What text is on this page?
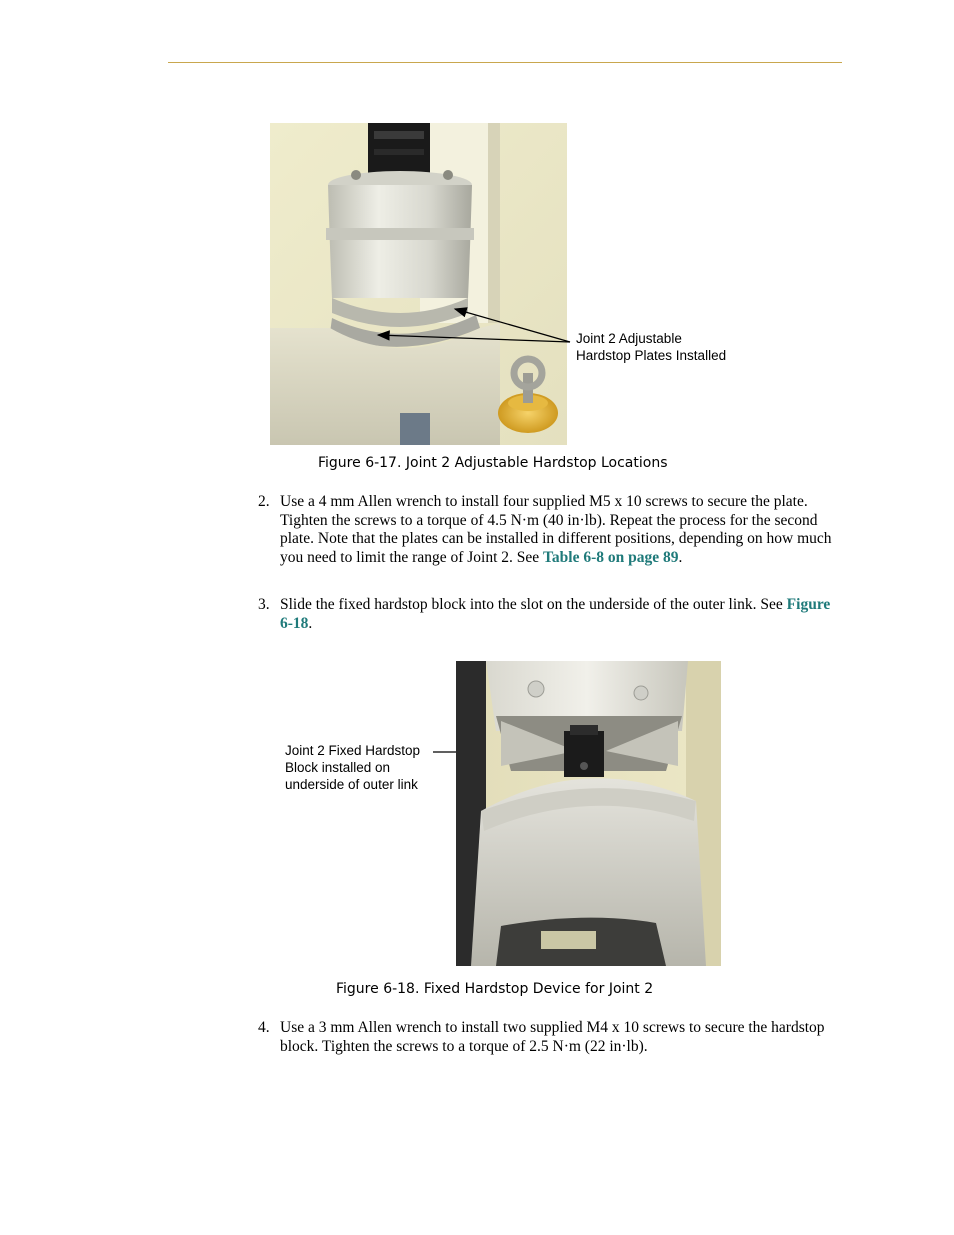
Joint 2 Adjustable
Hardstop Plates Installed
Figure 6-17. Joint 2 Adjustable Hardstop Locations
2. Use a 4 mm Allen wrench to install four supplied M5 x 10 screws to secure the plate. Tighten the screws to a torque of 4.5 N·m (40 in·lb). Repeat the process for the second plate. Note that the plates can be installed in different positions, depending on how much you need to limit the range of Joint 2. See Table 6-8 on page 89.
3. Slide the fixed hardstop block into the slot on the underside of the outer link. See Figure 6-18.
Joint 2 Fixed Hardstop
Block installed on
underside of outer link
Figure 6-18. Fixed Hardstop Device for Joint 2
4. Use a 3 mm Allen wrench to install two supplied M4 x 10 screws to secure the hardstop block. Tighten the screws to a torque of 2.5 N·m (22 in·lb).
